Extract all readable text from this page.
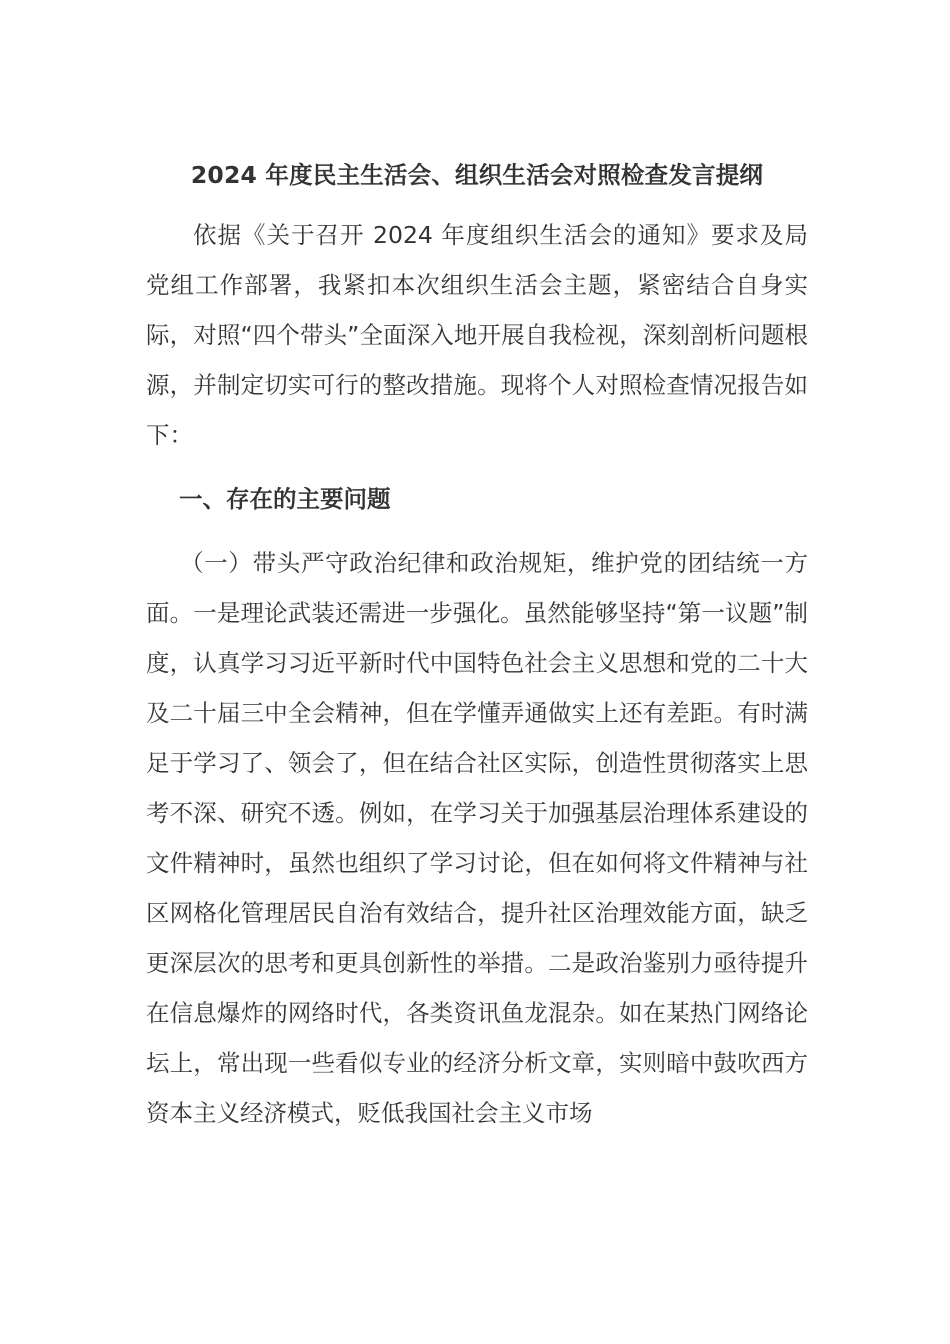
2024 年度民主生活会、组织生活会对照检查发言提纲

依据《关于召开 2024 年度组织生活会的通知》要求及局党组工作部署，我紧扣本次组织生活会主题，紧密结合自身实际，对照“四个带头”全面深入地开展自我检视，深刻剖析问题根源，并制定切实可行的整改措施。现将个人对照检查情况报告如下：

一、存在的主要问题

（一）带头严守政治纪律和政治规矩，维护党的团结统一方面。一是理论武装还需进一步强化。虽然能够坚持“第一议题”制度，认真学习习近平新时代中国特色社会主义思想和党的二十大及二十届三中全会精神，但在学懂弄通做实上还有差距。有时满足于学习了、领会了，但在结合社区实际，创造性贯彻落实上思考不深、研究不透。例如，在学习关于加强基层治理体系建设的文件精神时，虽然也组织了学习讨论，但在如何将文件精神与社区网格化管理居民自治有效结合，提升社区治理效能方面，缺乏更深层次的思考和更具创新性的举措。二是政治鉴别力亟待提升在信息爆炸的网络时代，各类资讯鱼龙混杂。如在某热门网络论坛上，常出现一些看似专业的经济分析文章，实则暗中鼓吹西方资本主义经济模式，贬低我国社会主义市场
